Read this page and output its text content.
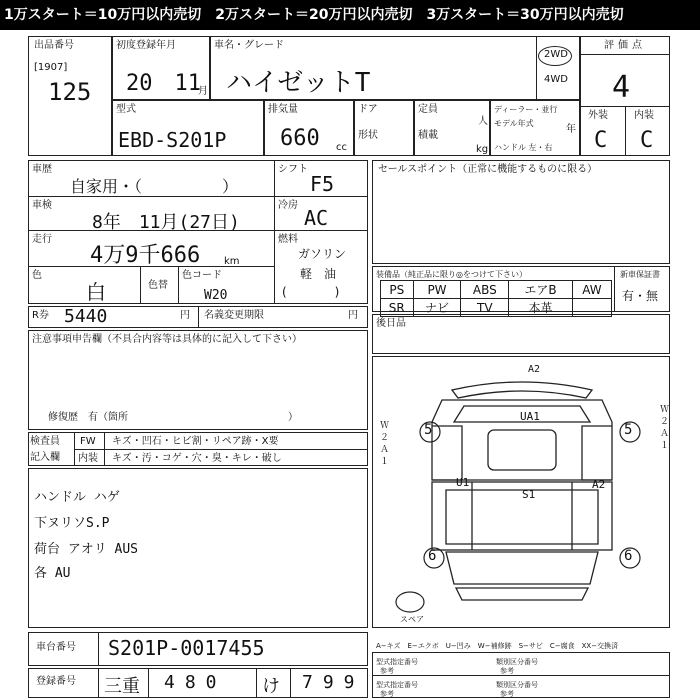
1万スタート＝10万円以内売切　2万スタート＝20万円以内売切　3万スタート＝30万円以内売切
出品番号
[1907]
125
初度登録年月
20　11
月
車名・グレード
ハイゼットT
2WD
4WD
評価点
4
外装	内装
C C
型式
EBD-S201P
排気量
660 cc
ドア
形状
定員
人
積載
kg
ディーラー・並行
モデル年式
年
ハンドル 左・右
車歴
自家用・（　　　　　）
車検
8年　11月(27日)
走行
4万9千666 km
色
白	色替
色コード
W20
シフト
F5
冷房
AC
燃料
ガソリン
軽　油
(　　　　)
R券 5440	円 名義変更期限	円
注意事項申告欄（不具合内容等は具体的に記入して下さい）
修復歴　有（箇所　　　　　　　　　　　　　　　　）
検査員
記入欄
FW キズ・凹石・ヒビ割・リペア跡・X要
内装 キズ・汚・コゲ・穴・臭・キレ・破し
ハンドル ハゲ
下ヌリソS.P
荷台 アオリ AUS
各 AU
セールスポイント（正常に機能するものに限る）
装備品（純正品に限り◎をつけて下さい）	新車保証書
有・無
PS	PW	ABS	エアB	AW
SR	ナビ	TV	本革	
後日品
5	5
6	6
A2
UA1
U1
S1
A2
Ｗ２ Ａ１
Ｗ２ Ａ１
スペア
車台番号 S201P-0017455
登録番号 三重 480 け 799
A−キズ　E−エクボ　U−凹み　W−補修跡　S−サビ　C−腐食　XX−交換済
型式指定番号
参考
類別区分番号
参考
型式指定番号
参考
類別区分番号
参考
